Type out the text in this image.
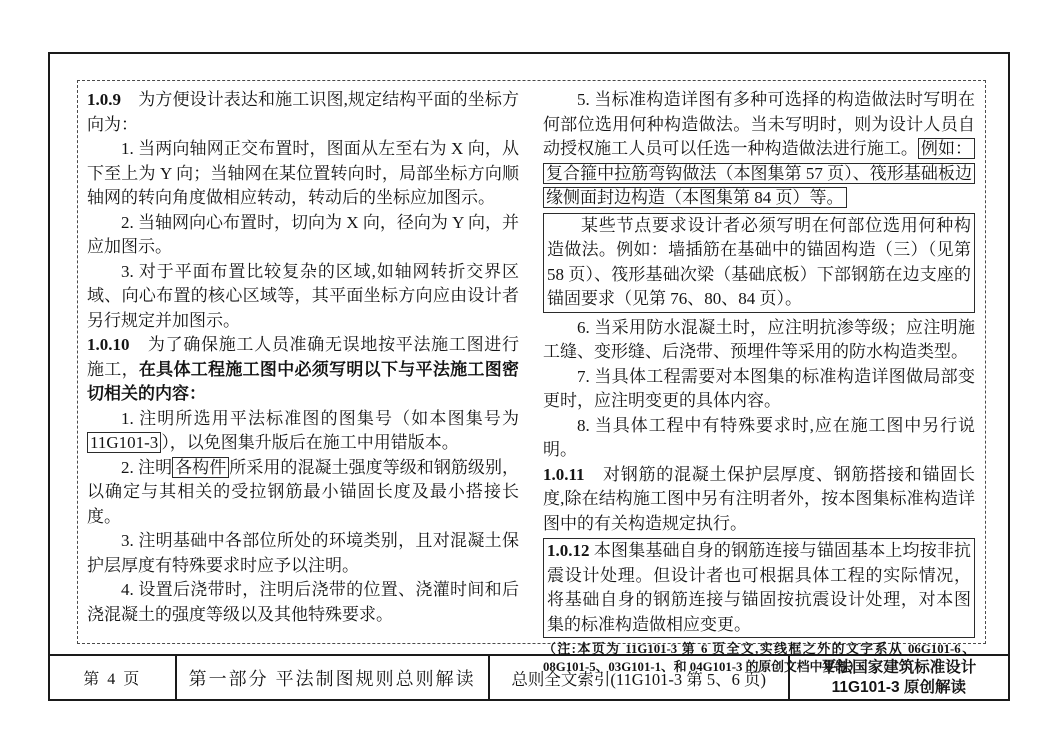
1.0.9　为方便设计表达和施工识图,规定结构平面的坐标方向为：

1. 当两向轴网正交布置时，图面从左至右为 X 向，从下至上为 Y 向；当轴网在某位置转向时，局部坐标方向顺轴网的转向角度做相应转动，转动后的坐标应加图示。

2. 当轴网向心布置时，切向为 X 向，径向为 Y 向，并应加图示。

3. 对于平面布置比较复杂的区域,如轴网转折交界区域、向心布置的核心区域等，其平面坐标方向应由设计者另行规定并加图示。

1.0.10　为了确保施工人员准确无误地按平法施工图进行施工，在具体工程施工图中必须写明以下与平法施工图密切相关的内容：

1. 注明所选用平法标准图的图集号（如本图集号为 11G101-3 ），以免图集升版后在施工中用错版本。

2. 注明 各构件 所采用的混凝土强度等级和钢筋级别，以确定与其相关的受拉钢筋最小锚固长度及最小搭接长度。

3. 注明基础中各部位所处的环境类别，且对混凝土保护层厚度有特殊要求时应予以注明。

4. 设置后浇带时，注明后浇带的位置、浇灌时间和后浇混凝土的强度等级以及其他特殊要求。

5. 当标准构造详图有多种可选择的构造做法时写明在何部位选用何种构造做法。当未写明时，则为设计人员自动授权施工人员可以任选一种构造做法进行施工。 例如：复合箍中拉筋弯钩做法（本图集第 57 页）、筏形基础板边缘侧面封边构造（本图集第 84 页）等。

某些节点要求设计者必须写明在何部位选用何种构造做法。例如：墙插筋在基础中的锚固构造（三）（见第 58 页）、筏形基础次梁（基础底板）下部钢筋在边支座的锚固要求（见第 76、80、84 页）。

6. 当采用防水混凝土时，应注明抗渗等级；应注明施工缝、变形缝、后浇带、预埋件等采用的防水构造类型。

7. 当具体工程需要对本图集的标准构造详图做局部变更时，应注明变更的具体内容。

8. 当具体工程中有特殊要求时,应在施工图中另行说明。

1.0.11　对钢筋的混凝土保护层厚度、钢筋搭接和锚固长度,除在结构施工图中另有注明者外，按本图集标准构造详图中的有关构造规定执行。

1.0.12 本图集基础自身的钢筋连接与锚固基本上均按非抗震设计处理。但设计者也可根据具体工程的实际情况，将基础自身的钢筋连接与锚固按抗震设计处理，对本图集的标准构造做相应变更。

（注:本页为 11G101-3 第 6 页全文,实线框之外的文字系从 06G101-6、08G101-5、03G101-1、和 04G101-3 的原创文档中复制）

第 4 页	第一部分 平法制图规则总则解读 总则全文索引(11G101-3 第 5、6 页)
平法国家建筑标准设计
11G101-3 原创解读
